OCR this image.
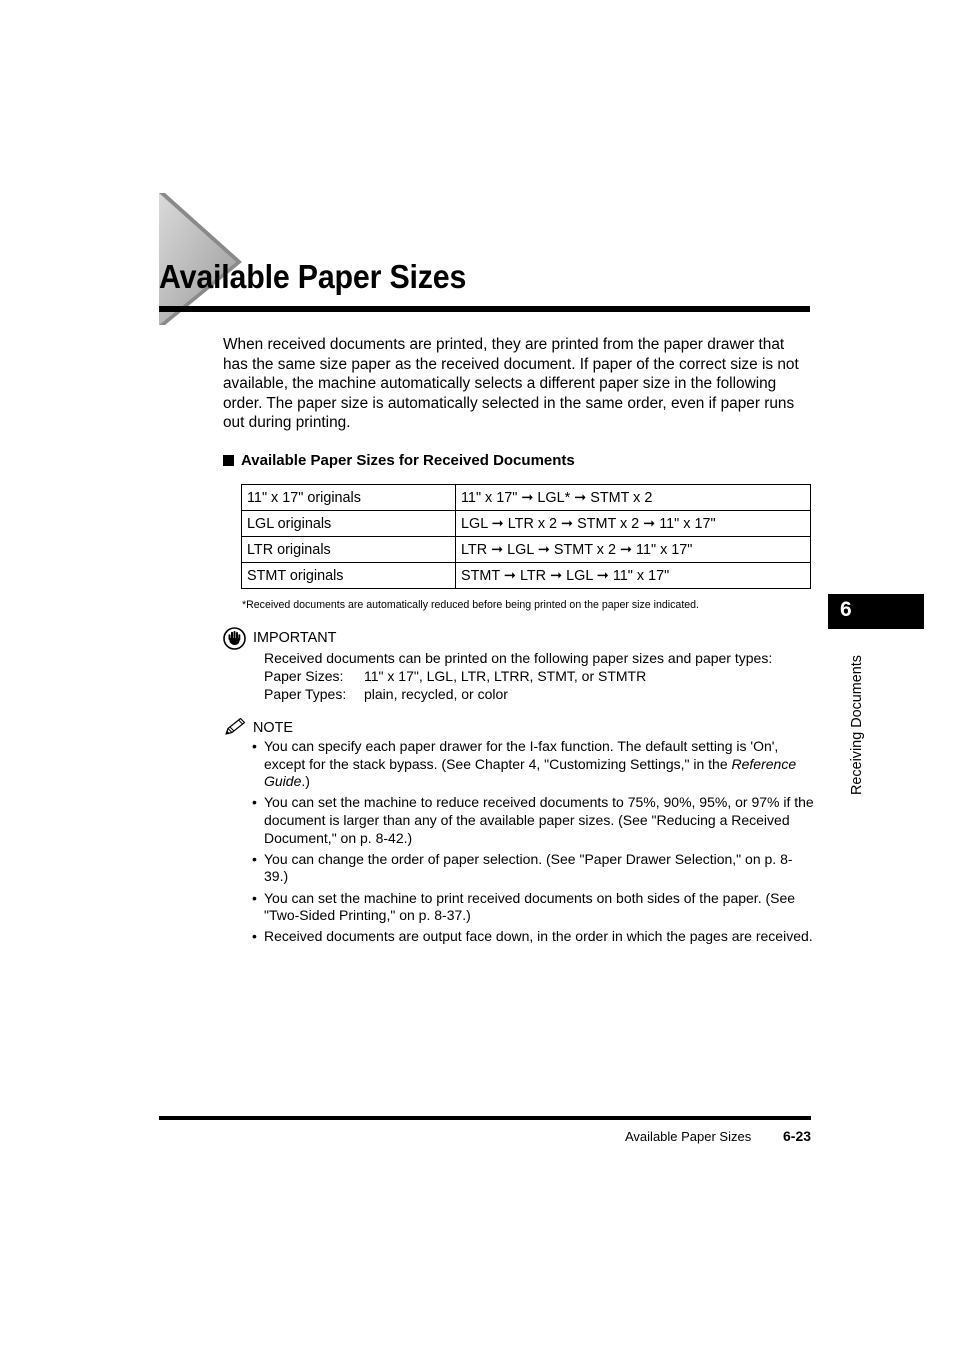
Available Paper Sizes

When received documents are printed, they are printed from the paper drawer that has the same size paper as the received document. If paper of the correct size is not available, the machine automatically selects a different paper size in the following order. The paper size is automatically selected in the same order, even if paper runs out during printing.

Available Paper Sizes for Received Documents
11" x 17" originals	11" x 17" ➞ LGL* ➞ STMT x 2
LGL originals	LGL ➞ LTR x 2 ➞ STMT x 2 ➞ 11" x 17"
LTR originals	LTR ➞ LGL ➞ STMT x 2 ➞ 11" x 17"
STMT originals	STMT ➞ LTR ➞ LGL ➞ 11" x 17"

*Received documents are automatically reduced before being printed on the paper size indicated.

IMPORTANT
Received documents can be printed on the following paper sizes and paper types:
Paper Sizes:	11" x 17", LGL, LTR, LTRR, STMT, or STMTR
Paper Types:	plain, recycled, or color
NOTE
• You can specify each paper drawer for the I-fax function. The default setting is 'On', except for the stack bypass. (See Chapter 4, "Customizing Settings," in the Reference Guide.)
• You can set the machine to reduce received documents to 75%, 90%, 95%, or 97% if the document is larger than any of the available paper sizes. (See "Reducing a Received Document," on p. 8-42.)
• You can change the order of paper selection. (See "Paper Drawer Selection," on p. 8-39.)
• You can set the machine to print received documents on both sides of the paper. (See "Two-Sided Printing," on p. 8-37.)
• Received documents are output face down, in the order in which the pages are received.
6
Receiving Documents
Available Paper Sizes 6-23
